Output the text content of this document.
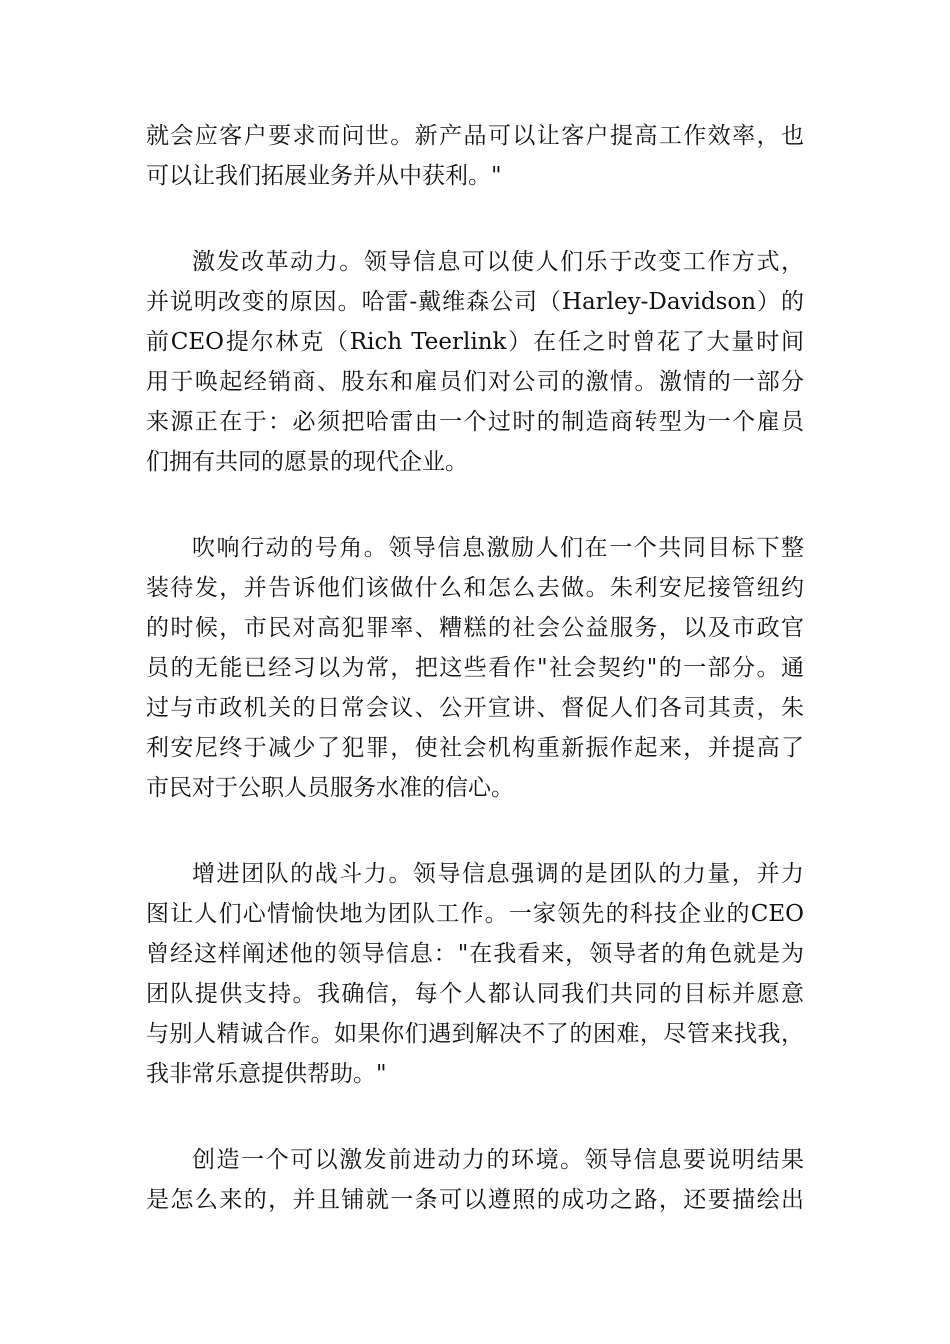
就会应客户要求而问世。新产品可以让客户提高工作效率，也
可以让我们拓展业务并从中获利。"
激发改革动力。领导信息可以使人们乐于改变工作方式，
并说明改变的原因。哈雷-戴维森公司（Harley-Davidson）的
前CEO提尔林克（Rich Teerlink）在任之时曾花了大量时间
用于唤起经销商、股东和雇员们对公司的激情。激情的一部分
来源正在于：必须把哈雷由一个过时的制造商转型为一个雇员
们拥有共同的愿景的现代企业。
吹响行动的号角。领导信息激励人们在一个共同目标下整
装待发，并告诉他们该做什么和怎么去做。朱利安尼接管纽约
的时候，市民对高犯罪率、糟糕的社会公益服务，以及市政官
员的无能已经习以为常，把这些看作"社会契约"的一部分。通
过与市政机关的日常会议、公开宣讲、督促人们各司其责，朱
利安尼终于减少了犯罪，使社会机构重新振作起来，并提高了
市民对于公职人员服务水准的信心。
增进团队的战斗力。领导信息强调的是团队的力量，并力
图让人们心情愉快地为团队工作。一家领先的科技企业的CEO
曾经这样阐述他的领导信息："在我看来，领导者的角色就是为
团队提供支持。我确信，每个人都认同我们共同的目标并愿意
与别人精诚合作。如果你们遇到解决不了的困难，尽管来找我，
我非常乐意提供帮助。"
创造一个可以激发前进动力的环境。领导信息要说明结果
是怎么来的，并且铺就一条可以遵照的成功之路，还要描绘出
